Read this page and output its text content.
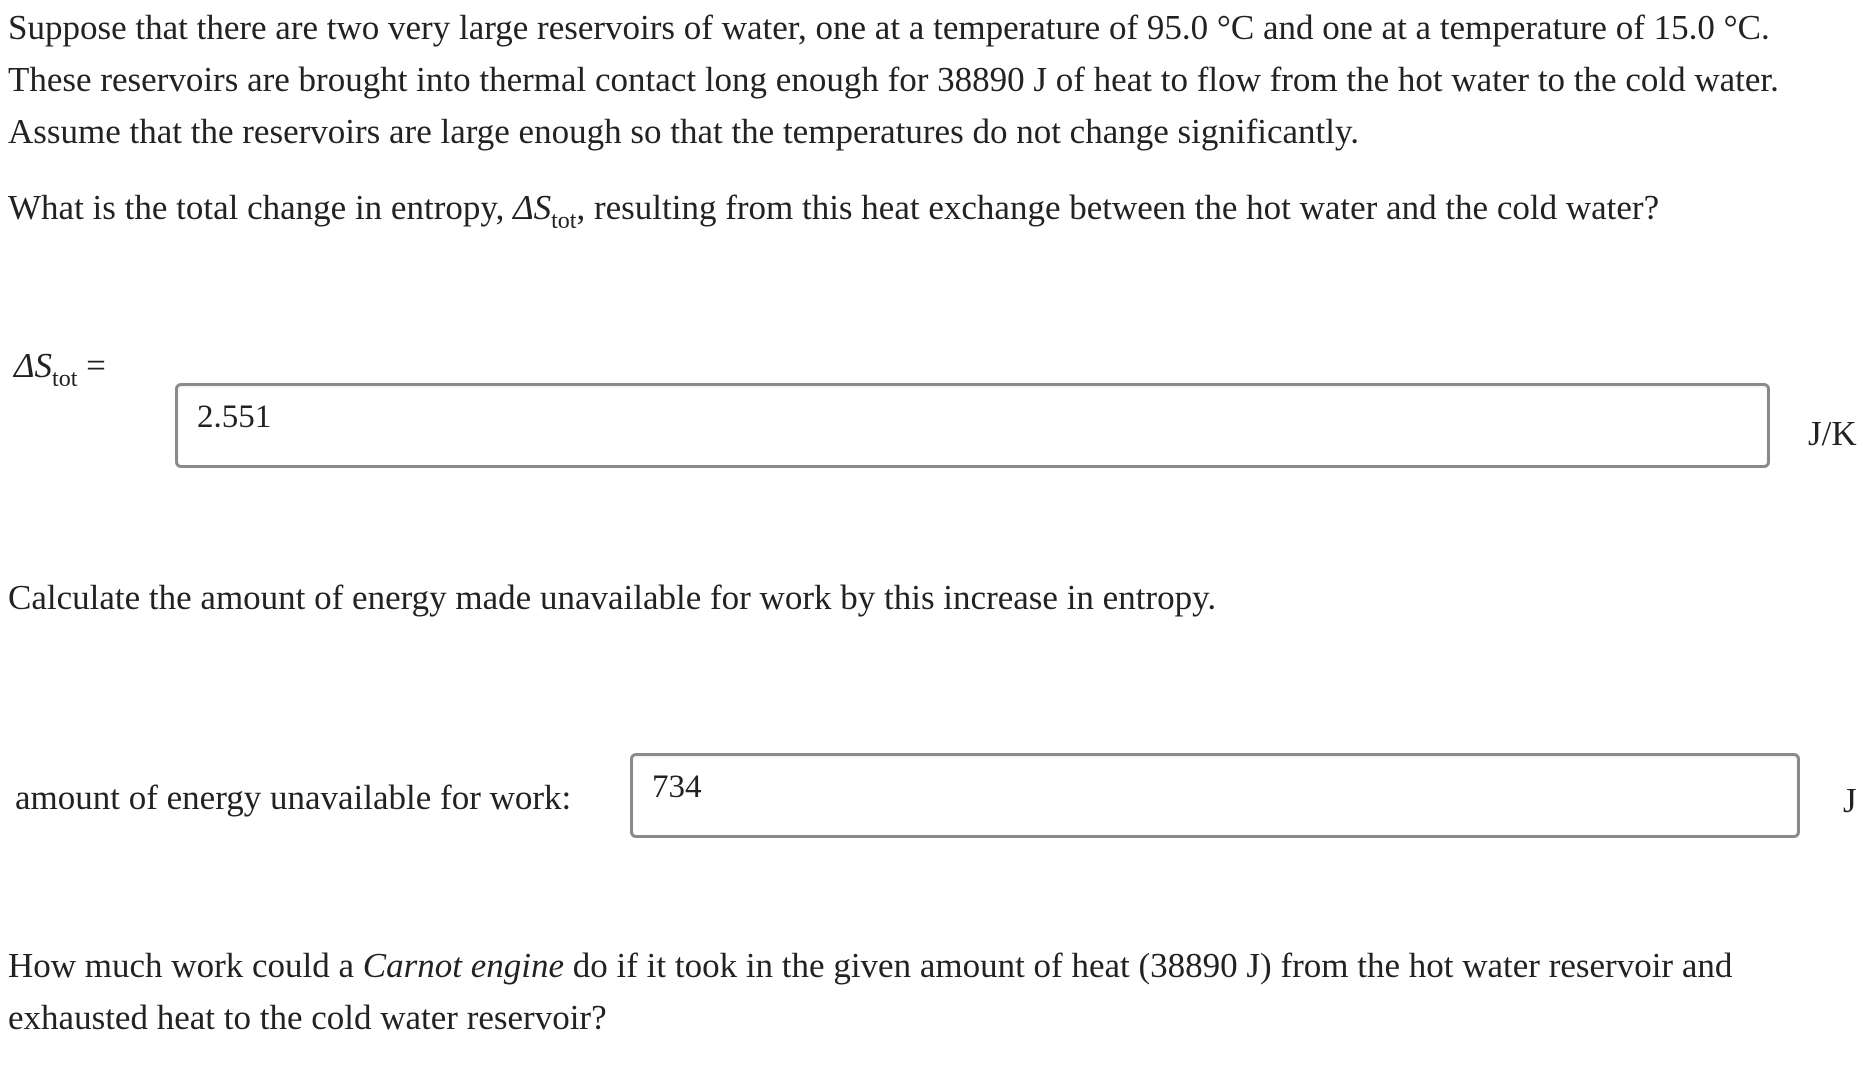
Suppose that there are two very large reservoirs of water, one at a temperature of 95.0 °C and one at a temperature of 15.0 °C. These reservoirs are brought into thermal contact long enough for 38890 J of heat to flow from the hot water to the cold water. Assume that the reservoirs are large enough so that the temperatures do not change significantly.

What is the total change in entropy, $\Delta S_{tot}$, resulting from this heat exchange between the hot water and the cold water?

$\Delta S_{tot}$ =
2.551
J/K

Calculate the amount of energy made unavailable for work by this increase in entropy.

amount of energy unavailable for work:
734	J

How much work could a Carnot engine do if it took in the given amount of heat (38890 J) from the hot water reservoir and exhausted heat to the cold water reservoir?
